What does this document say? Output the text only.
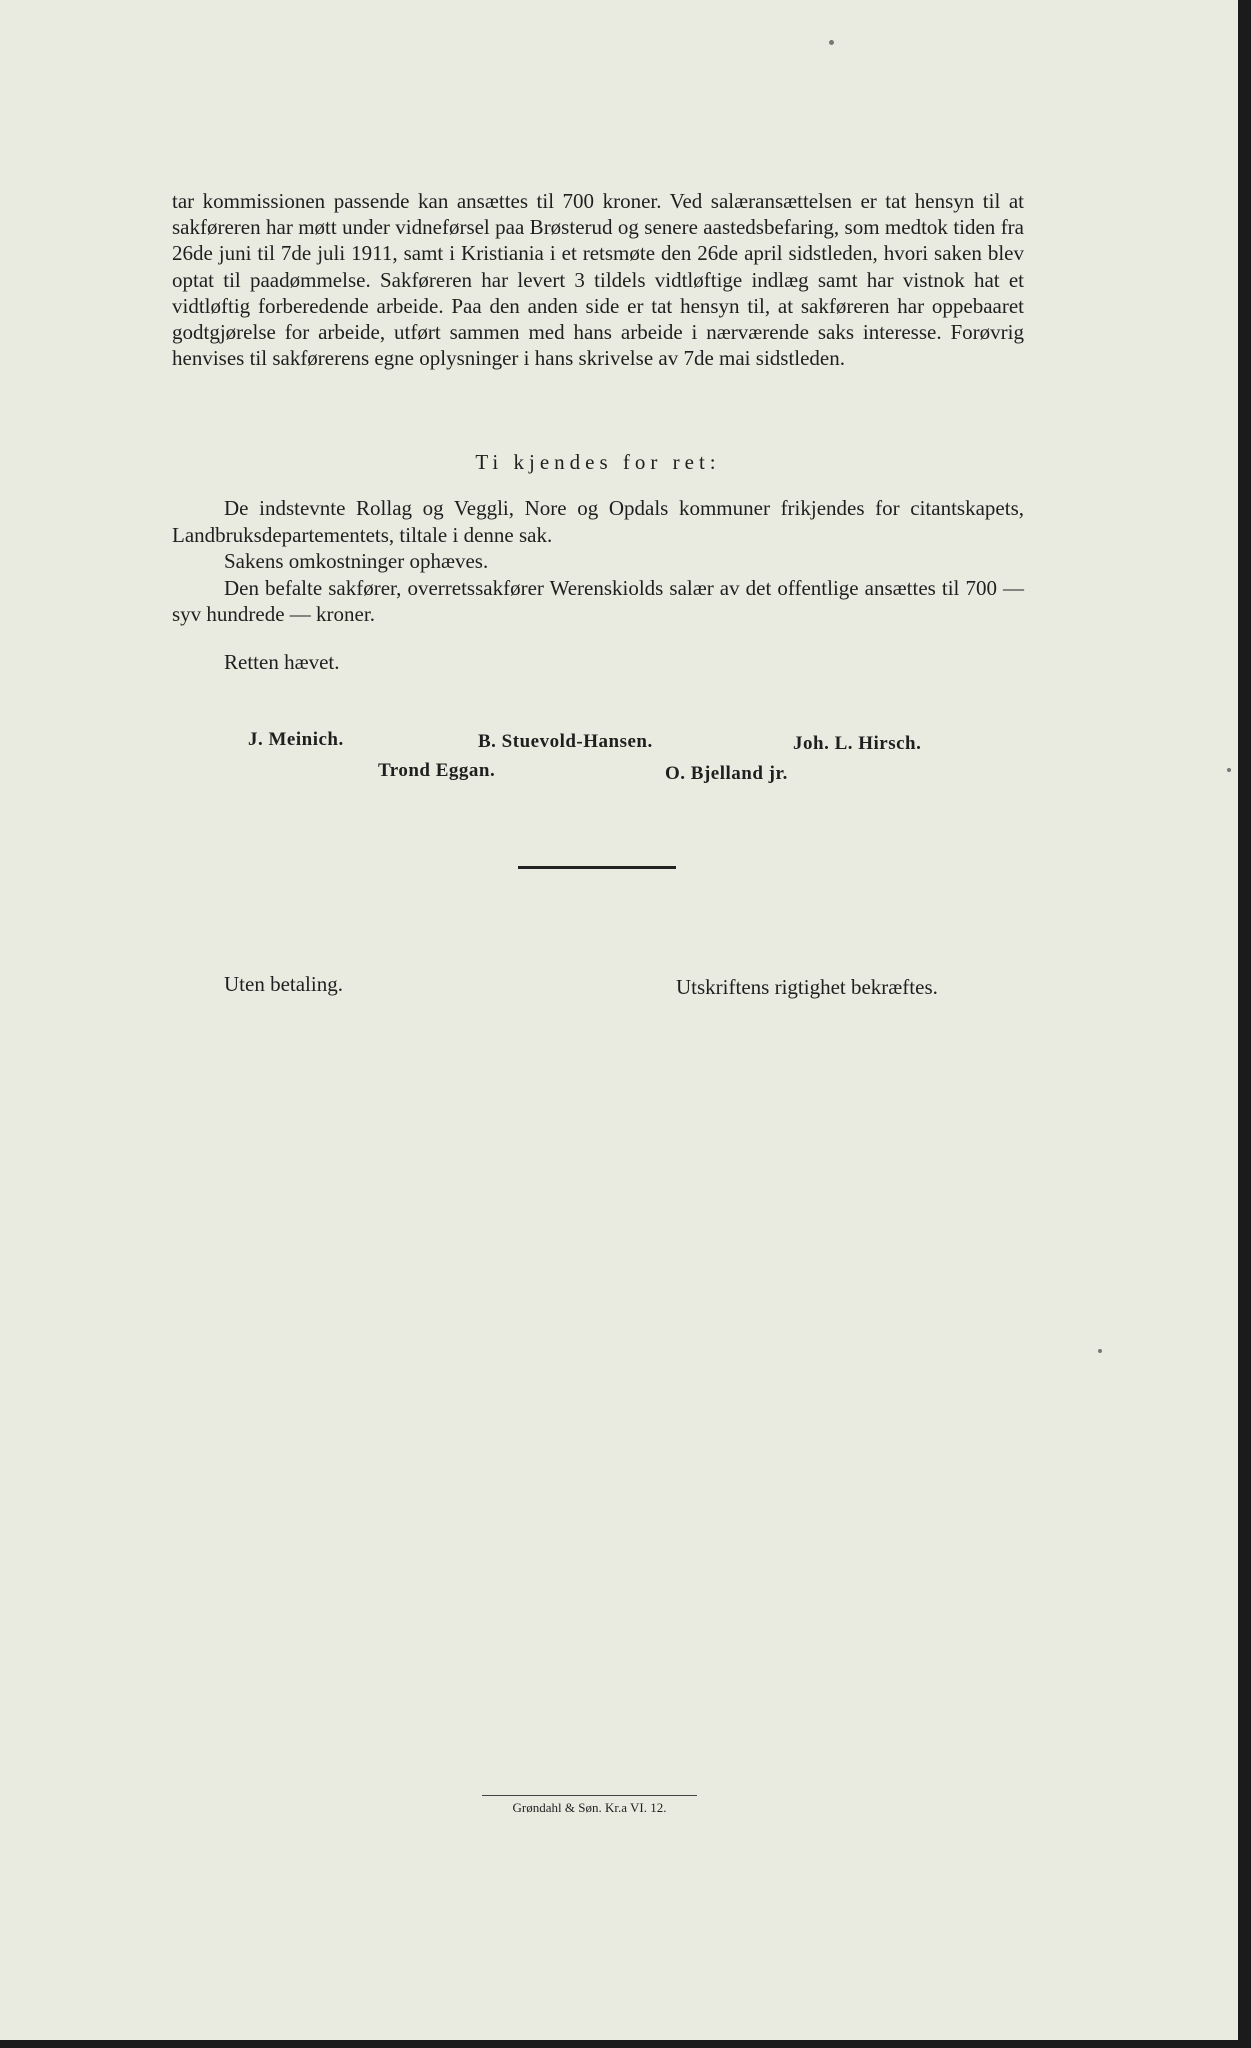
tar kommissionen passende kan ansættes til 700 kroner. Ved salæransættelsen er tat hensyn til at sakføreren har møtt under vidneførsel paa Brøsterud og senere aastedsbefaring, som medtok tiden fra 26de juni til 7de juli 1911, samt i Kristiania i et retsmøte den 26de april sidstleden, hvori saken blev optat til paadømmelse. Sakføreren har levert 3 tildels vidtløftige indlæg samt har vistnok hat et vidtløftig forberedende arbeide. Paa den anden side er tat hensyn til, at sakføreren har oppebaaret godtgjørelse for arbeide, utført sammen med hans arbeide i nærværende saks interesse. Forøvrig henvises til sakførerens egne oplysninger i hans skrivelse av 7de mai sidstleden.
Ti kjendes for ret:

De indstevnte Rollag og Veggli, Nore og Opdals kommuner frikjendes for citantskapets, Landbruksdepartementets, tiltale i denne sak.

Sakens omkostninger ophæves.

Den befalte sakfører, overretssakfører Werenskiolds salær av det offentlige ansættes til 700 — syv hundrede — kroner.

Retten hævet.
J. Meinich.	B. Stuevold-Hansen.	Joh. L. Hirsch.
Trond Eggan.	O. Bjelland jr.
Uten betaling.	Utskriftens rigtighet bekræftes.
Grøndahl & Søn. Kr.a VI. 12.
